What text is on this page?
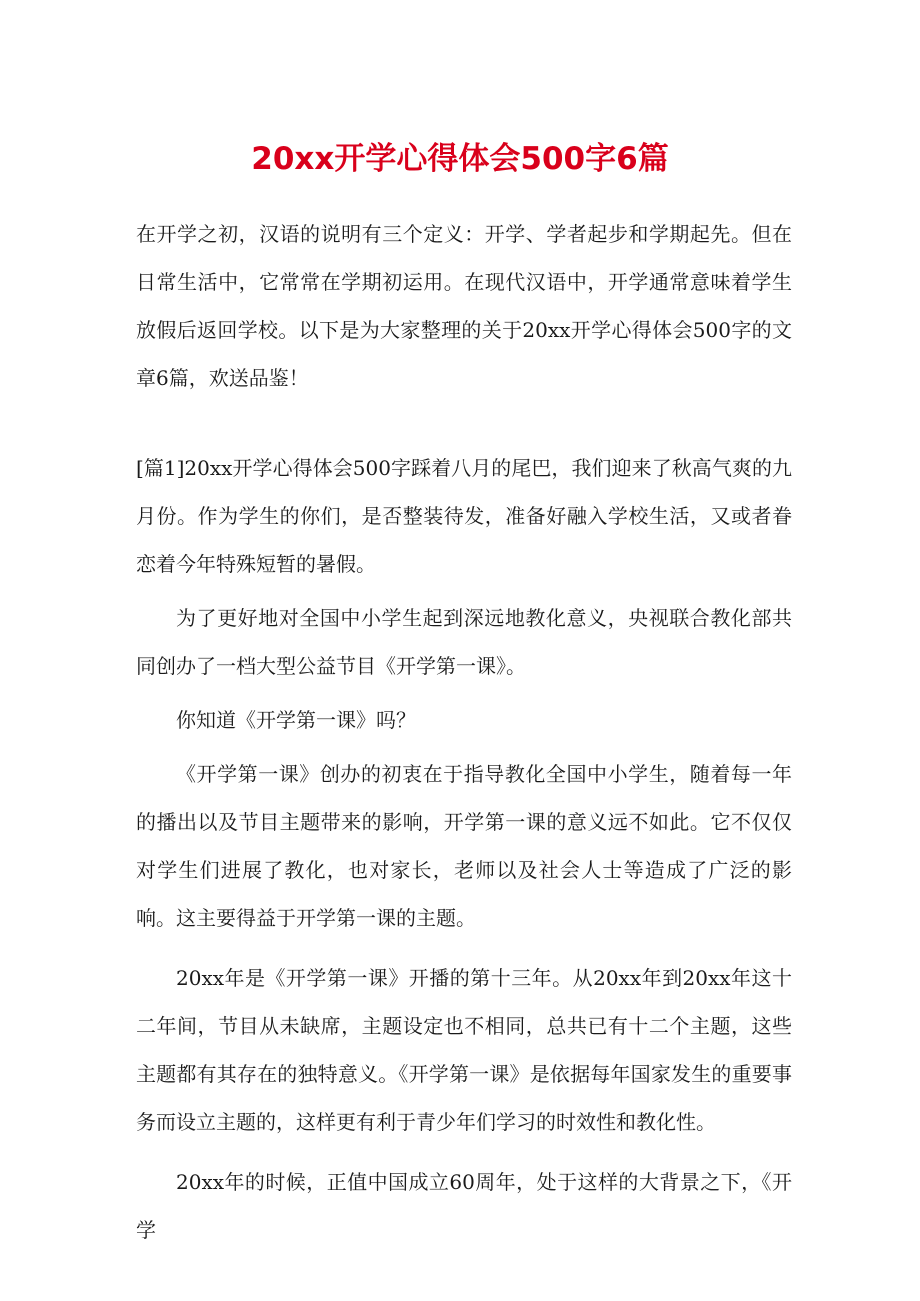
20xx开学心得体会500字6篇

在开学之初，汉语的说明有三个定义：开学、学者起步和学期起先。但在日常生活中，它常常在学期初运用。在现代汉语中，开学通常意味着学生放假后返回学校。以下是为大家整理的关于20xx开学心得体会500字的文章6篇，欢送品鉴！

[篇1]20xx开学心得体会500字踩着八月的尾巴，我们迎来了秋高气爽的九月份。作为学生的你们，是否整装待发，准备好融入学校生活，又或者眷恋着今年特殊短暂的暑假。

为了更好地对全国中小学生起到深远地教化意义，央视联合教化部共同创办了一档大型公益节目《开学第一课》。

你知道《开学第一课》吗？

《开学第一课》创办的初衷在于指导教化全国中小学生，随着每一年的播出以及节目主题带来的影响，开学第一课的意义远不如此。它不仅仅对学生们进展了教化，也对家长，老师以及社会人士等造成了广泛的影响。这主要得益于开学第一课的主题。

20xx年是《开学第一课》开播的第十三年。从20xx年到20xx年这十二年间，节目从未缺席，主题设定也不相同，总共已有十二个主题，这些主题都有其存在的独特意义。《开学第一课》是依据每年国家发生的重要事务而设立主题的，这样更有利于青少年们学习的时效性和教化性。

20xx年的时候，正值中国成立60周年，处于这样的大背景之下，《开学
